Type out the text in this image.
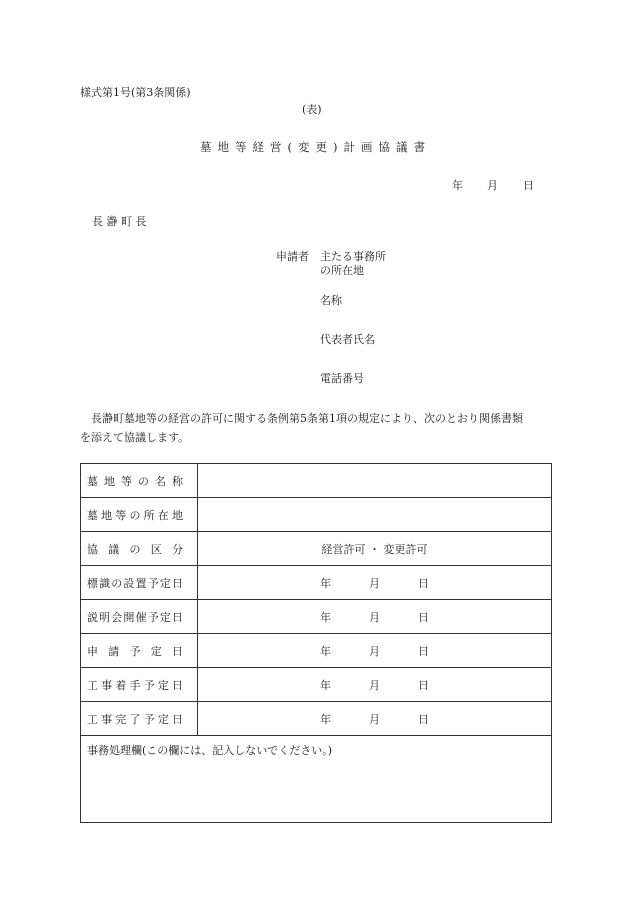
様式第1号(第3条関係)
(表)
墓地等経営(変更)計画協議書
年 月 日
長 瀞 町 長
申請者 主たる事務所
の所在地
名称
代表者氏名
電話番号
長瀞町墓地等の経営の許可に関する条例第5条第1項の規定により、次のとおり関係書類
を添えて協議します。
墓地等の名称	
墓地等の所在地	
協議の区分	経営許可 ・ 変更許可
標識の設置予定日	年 月 日

説明会開催予定日	年 月 日

申請予定日	年 月 日

工事着手予定日	年 月 日

工事完了予定日	年 月 日

事務処理欄(この欄には、記入しないでください。)	
